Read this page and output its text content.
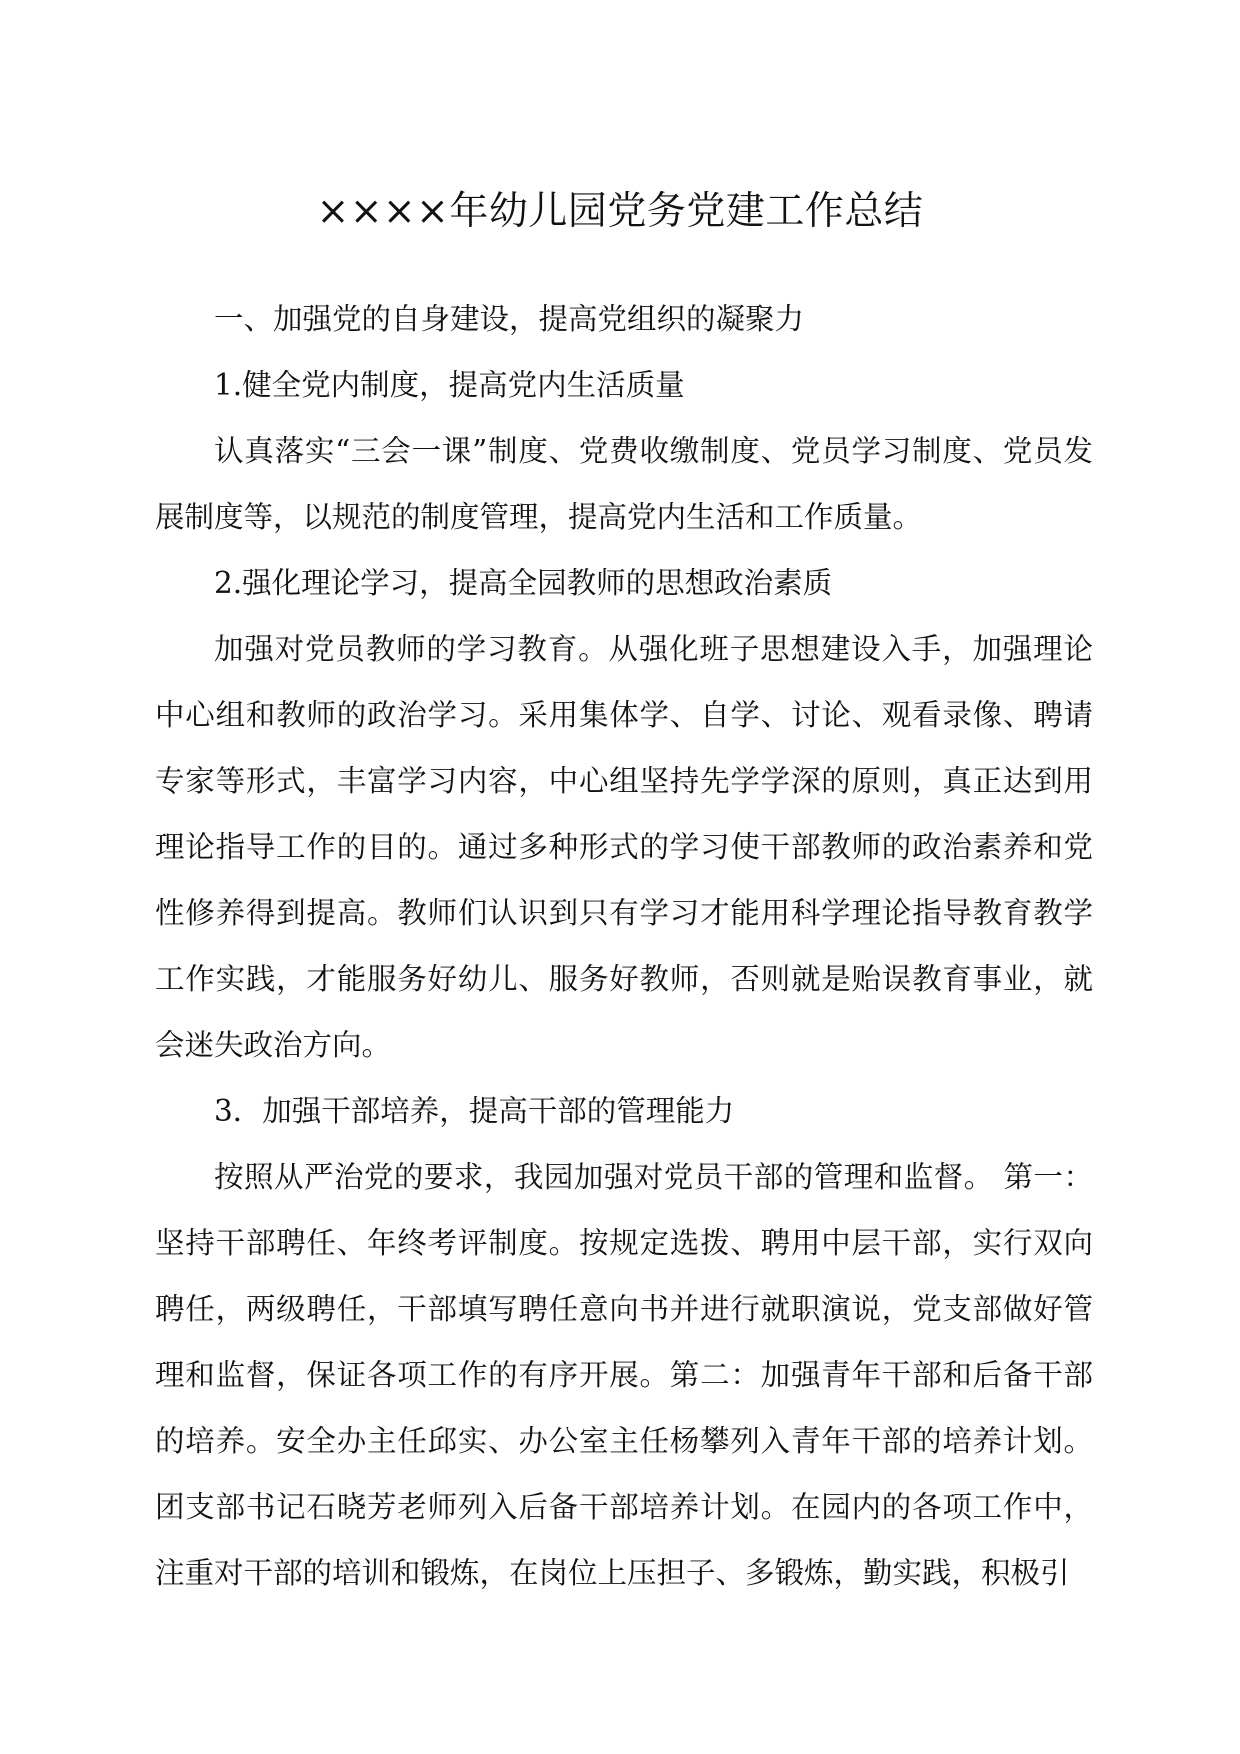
××××年幼儿园党务党建工作总结

一、加强党的自身建设，提高党组织的凝聚力

1.健全党内制度，提高党内生活质量

认真落实“三会一课”制度、党费收缴制度、党员学习制度、党员发展制度等，以规范的制度管理，提高党内生活和工作质量。

2.强化理论学习，提高全园教师的思想政治素质

加强对党员教师的学习教育。从强化班子思想建设入手，加强理论中心组和教师的政治学习。采用集体学、自学、讨论、观看录像、聘请专家等形式，丰富学习内容，中心组坚持先学学深的原则，真正达到用理论指导工作的目的。通过多种形式的学习使干部教师的政治素养和党性修养得到提高。教师们认识到只有学习才能用科学理论指导教育教学工作实践，才能服务好幼儿、服务好教师，否则就是贻误教育事业，就会迷失政治方向。

3．加强干部培养，提高干部的管理能力

按照从严治党的要求，我园加强对党员干部的管理和监督。 第一：坚持干部聘任、年终考评制度。按规定选拨、聘用中层干部，实行双向聘任，两级聘任，干部填写聘任意向书并进行就职演说，党支部做好管理和监督，保证各项工作的有序开展。第二：加强青年干部和后备干部的培养。安全办主任邱实、办公室主任杨攀列入青年干部的培养计划。团支部书记石晓芳老师列入后备干部培养计划。在园内的各项工作中，注重对干部的培训和锻炼，在岗位上压担子、多锻炼，勤实践，积极引
